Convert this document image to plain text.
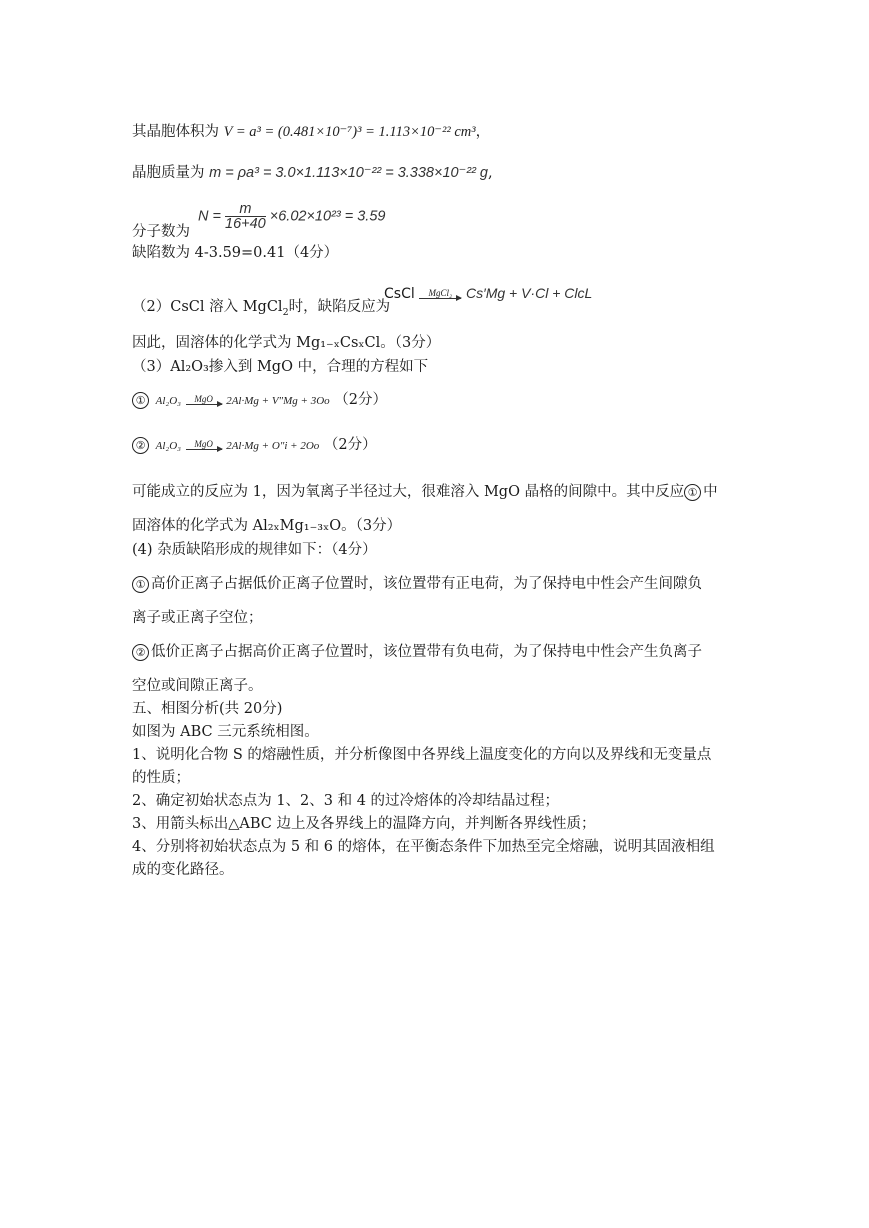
其晶胞体积为 V = a³ = (0.481×10⁻⁷)³ = 1.113×10⁻²² cm³，
晶胞质量为 m = ρa³ = 3.0×1.113×10⁻²² = 3.338×10⁻²² g,
分子数为
$N = \frac{m}{16+40} \times 6.02\times 10^{23} = 3.59$
缺陷数为 4-3.59=0.41（4分）
（2）CsCl 溶入 MgCl$_2$时，缺陷反应为
CsCl	MgCl₂ Cs′Mg + V·Cl + ClcL
因此，固溶体的化学式为 Mg₁₋ₓCsₓCl。（3分）
（3）Al₂O₃掺入到 MgO 中，合理的方程如下
① Al₂O₃	MgO	2Al·Mg + V″Mg + 3Oo （2分）
② Al₂O₃	MgO	2Al·Mg + O″i + 2Oo （2分）
可能成立的反应为 1，因为氧离子半径过大，很难溶入 MgO 晶格的间隙中。其中反应 ① 中
固溶体的化学式为 Al₂ₓMg₁₋₃ₓO。（3分）
(4) 杂质缺陷形成的规律如下：（4分）
① 高价正离子占据低价正离子位置时，该位置带有正电荷，为了保持电中性会产生间隙负
离子或正离子空位；
② 低价正离子占据高价正离子位置时，该位置带有负电荷，为了保持电中性会产生负离子
空位或间隙正离子。
五、相图分析(共 20分)
如图为 ABC 三元系统相图。
1、说明化合物 S 的熔融性质，并分析像图中各界线上温度变化的方向以及界线和无变量点
的性质；
2、确定初始状态点为 1、2、3 和 4 的过冷熔体的冷却结晶过程；
3、用箭头标出△ABC 边上及各界线上的温降方向，并判断各界线性质；
4、分别将初始状态点为 5 和 6 的熔体，在平衡态条件下加热至完全熔融，说明其固液相组
成的变化路径。
